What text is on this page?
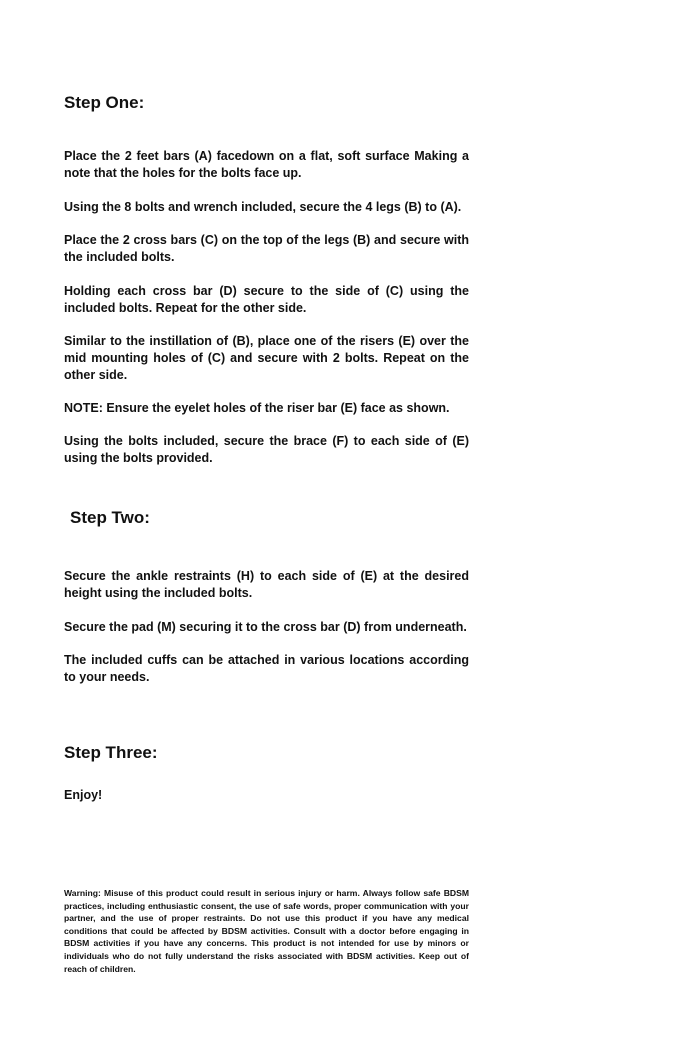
Step One:

Place the 2 feet bars (A) facedown on a flat, soft surface Making a note that the holes for the bolts face up.

Using the 8 bolts and wrench included, secure the 4 legs (B) to (A).

Place the 2 cross bars (C) on the top of the legs (B) and secure with the included bolts.

Holding each cross bar (D) secure to the side of (C) using the included bolts. Repeat for the other side.

Similar to the instillation of (B), place one of the risers (E) over the mid mounting holes of (C) and secure with 2 bolts. Repeat on the other side.

NOTE: Ensure the eyelet holes of the riser bar (E) face as shown.

Using the bolts included, secure the brace (F) to each side of (E) using the bolts provided.

Step Two:

Secure the ankle restraints (H) to each side of (E) at the desired height using the included bolts.

Secure the pad (M) securing it to the cross bar (D) from underneath.

The included cuffs can be attached in various locations according to your needs.

Step Three:

Enjoy!

Warning: Misuse of this product could result in serious injury or harm. Always follow safe BDSM practices, including enthusiastic consent, the use of safe words, proper communication with your partner, and the use of proper restraints. Do not use this product if you have any medical conditions that could be affected by BDSM activities. Consult with a doctor before engaging in BDSM activities if you have any concerns. This product is not intended for use by minors or individuals who do not fully understand the risks associated with BDSM activities. Keep out of reach of children.
